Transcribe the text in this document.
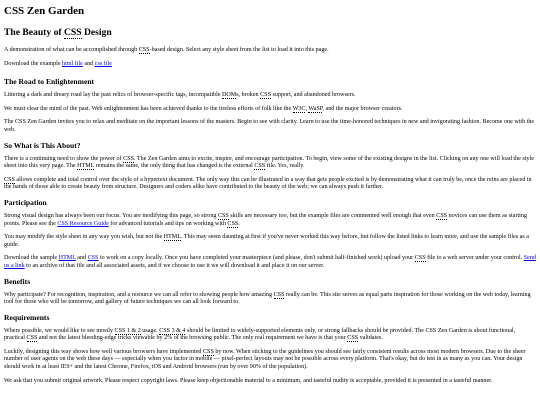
CSS Zen Garden
The Beauty of CSS Design

A demonstration of what can be accomplished through CSS-based design. Select any style sheet from the list to load it into this page.

Download the example html file and css file

The Road to Enlightenment

Littering a dark and dreary road lay the past relics of browser-specific tags, incompatible DOMs, broken CSS support, and abandoned browsers.

We must clear the mind of the past. Web enlightenment has been achieved thanks to the tireless efforts of folk like the W3C, WaSP, and the major browser creators.

The CSS Zen Garden invites you to relax and meditate on the important lessons of the masters. Begin to see with clarity. Learn to use the time-honored techniques in new and invigorating fashion. Become one with the web.

So What is This About?

There is a continuing need to show the power of CSS. The Zen Garden aims to excite, inspire, and encourage participation. To begin, view some of the existing designs in the list. Clicking on any one will load the style sheet into this very page. The HTML remains the same, the only thing that has changed is the external CSS file. Yes, really.

CSS allows complete and total control over the style of a hypertext document. The only way this can be illustrated in a way that gets people excited is by demonstrating what it can truly be, once the reins are placed in the hands of those able to create beauty from structure. Designers and coders alike have contributed to the beauty of the web; we can always push it further.

Participation

Strong visual design has always been our focus. You are modifying this page, so strong CSS skills are necessary too, but the example files are commented well enough that even CSS novices can use them as starting points. Please see the CSS Resource Guide for advanced tutorials and tips on working with CSS.

You may modify the style sheet in any way you wish, but not the HTML. This may seem daunting at first if you've never worked this way before, but follow the listed links to learn more, and use the sample files as a guide.

Download the sample HTML and CSS to work on a copy locally. Once you have completed your masterpiece (and please, don't submit half-finished work) upload your CSS file to a web server under your control. Send us a link to an archive of that file and all associated assets, and if we choose to use it we will download it and place it on our server.

Benefits

Why participate? For recognition, inspiration, and a resource we can all refer to showing people how amazing CSS really can be. This site serves as equal parts inspiration for those working on the web today, learning tool for those who will be tomorrow, and gallery of future techniques we can all look forward to.

Requirements

Where possible, we would like to see mostly CSS 1 & 2 usage. CSS 3 & 4 should be limited to widely-supported elements only, or strong fallbacks should be provided. The CSS Zen Garden is about functional, practical CSS and not the latest bleeding-edge tricks viewable by 2% of the browsing public. The only real requirement we have is that your CSS validates.

Luckily, designing this way shows how well various browsers have implemented CSS by now. When sticking to the guidelines you should see fairly consistent results across most modern browsers. Due to the sheer number of user agents on the web these days — especially when you factor in mobile — pixel-perfect layouts may not be possible across every platform. That's okay, but do test in as many as you can. Your design should work in at least IE9+ and the latest Chrome, Firefox, iOS and Android browsers (run by over 90% of the population).

We ask that you submit original artwork. Please respect copyright laws. Please keep objectionable material to a minimum, and tasteful nudity is acceptable, provided it is presented in a tasteful manner.
